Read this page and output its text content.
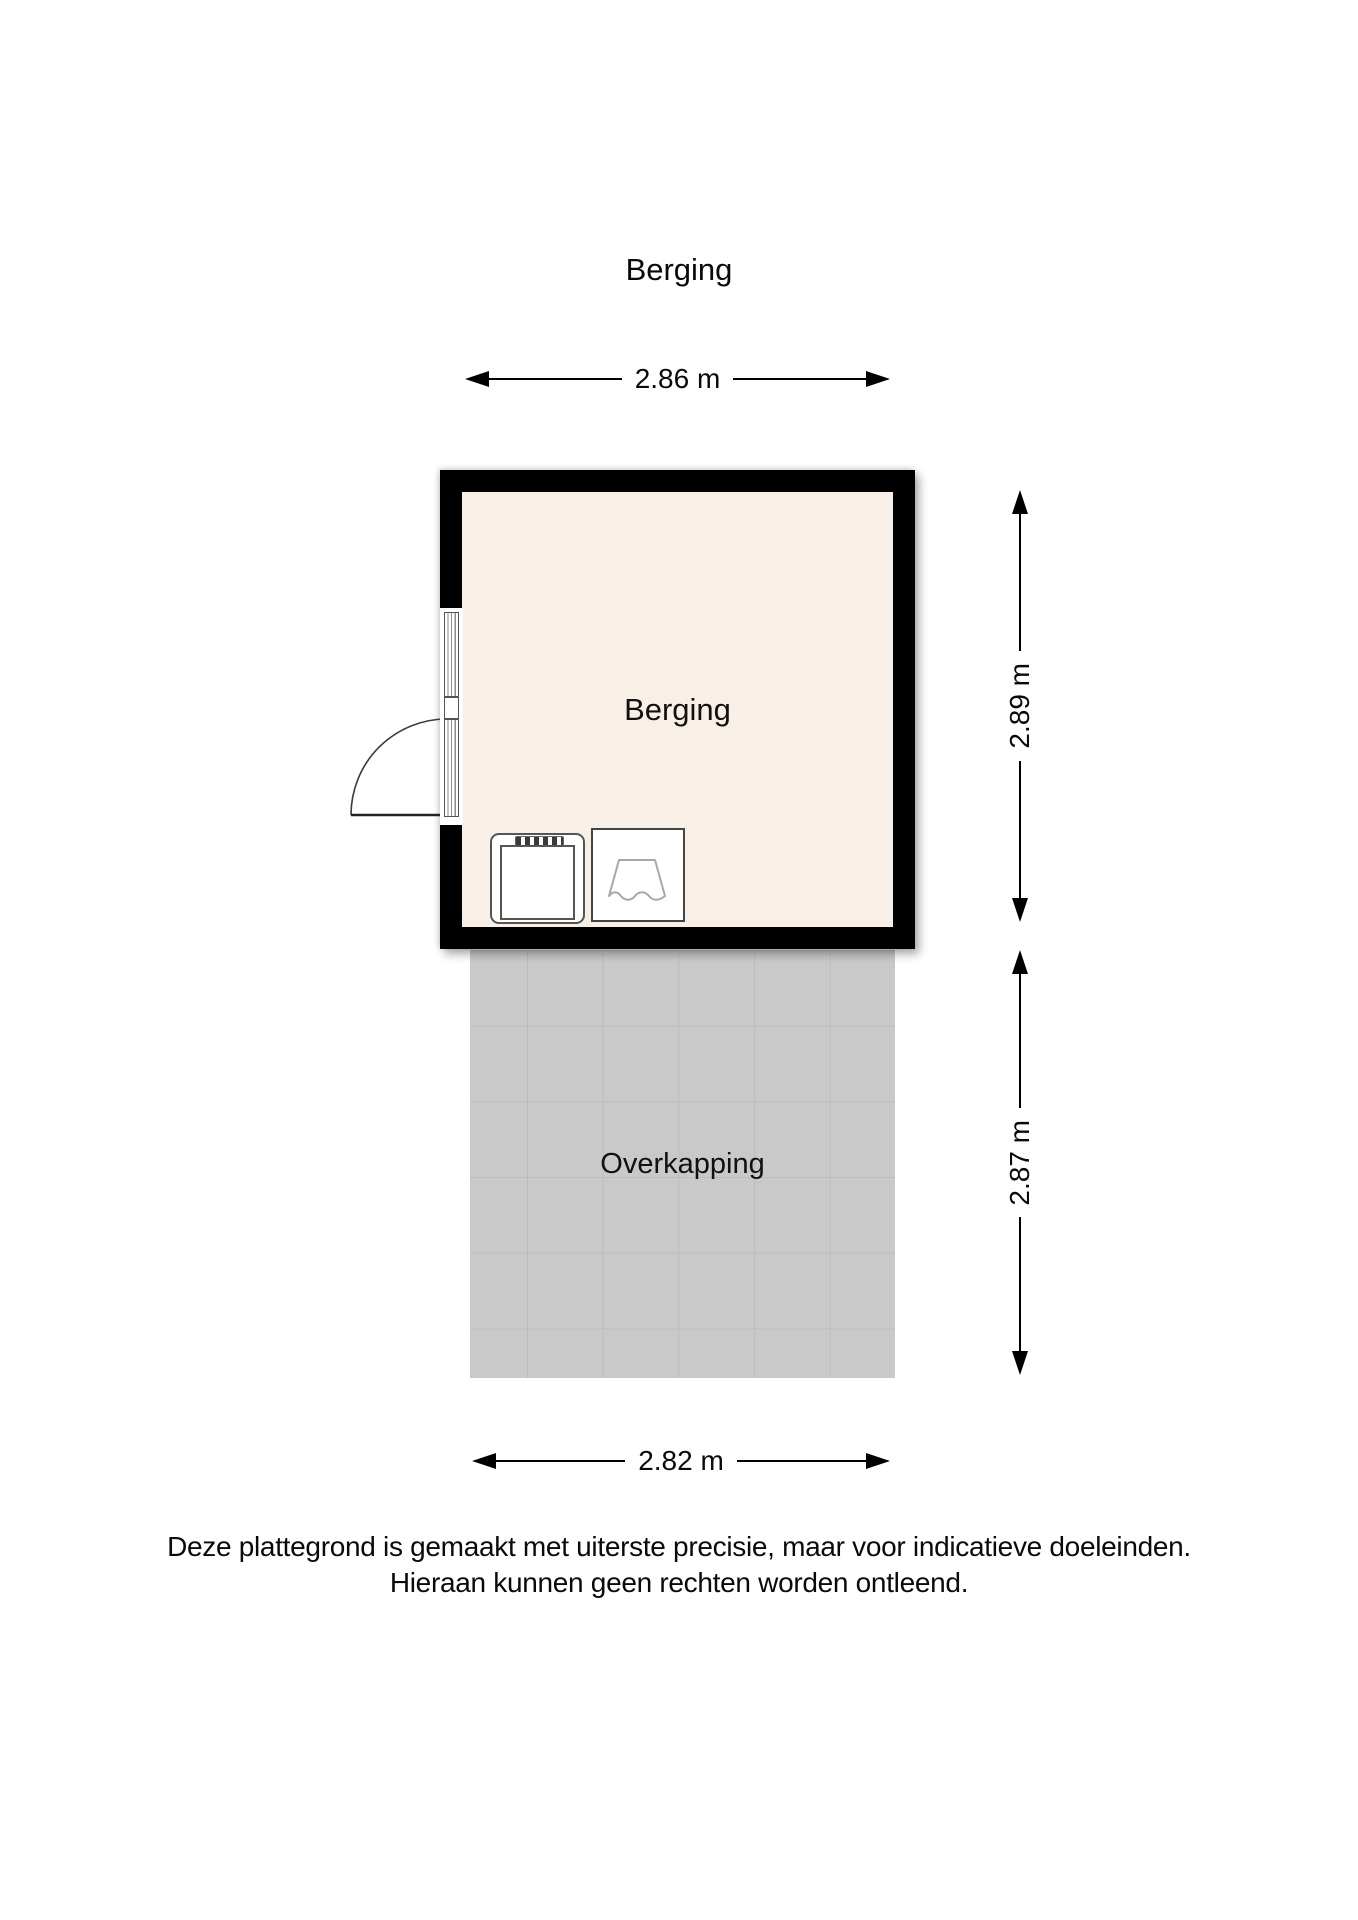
Berging
2.86 m
Overkapping
Berging	2.89 m
2.87 m
2.82 m
Deze plattegrond is gemaakt met uiterste precisie, maar voor indicatieve doeleinden.
Hieraan kunnen geen rechten worden ontleend.
